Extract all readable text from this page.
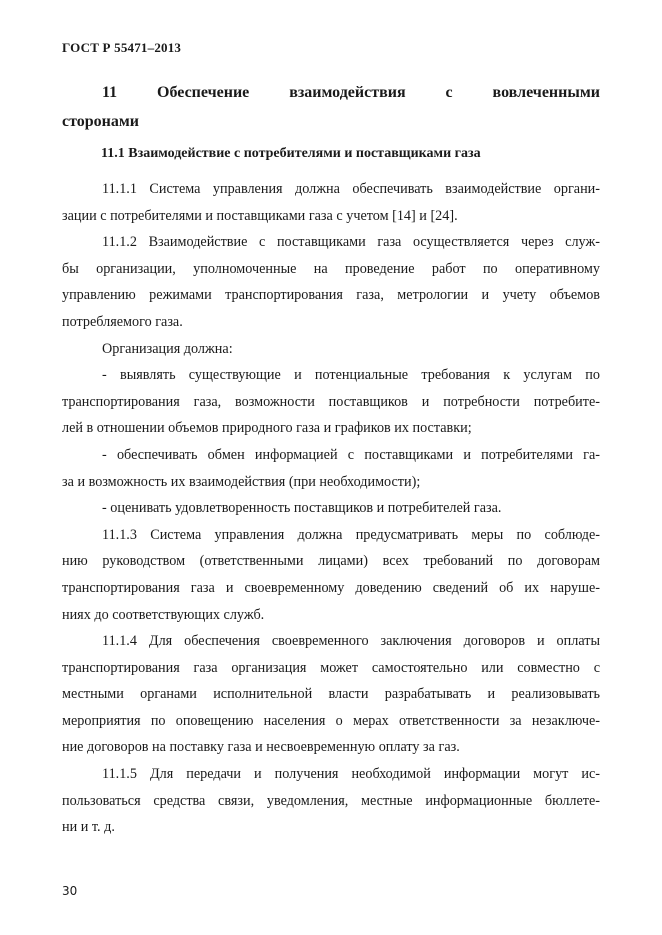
ГОСТ Р 55471–2013
11 Обеспечение взаимодействия с вовлеченными
сторонами
11.1 Взаимодействие с потребителями и поставщиками газа

11.1.1 Система управления должна обеспечивать взаимодействие органи-
зации с потребителями и поставщиками газа с учетом [14] и [24].

11.1.2 Взаимодействие с поставщиками газа осуществляется через служ-
бы организации, уполномоченные на проведение работ по оперативному
управлению режимами транспортирования газа, метрологии и учету объемов
потребляемого газа.

Организация должна:

- выявлять существующие и потенциальные требования к услугам по
транспортирования газа, возможности поставщиков и потребности потребите-
лей в отношении объемов природного газа и графиков их поставки;

- обеспечивать обмен информацией с поставщиками и потребителями га-
за и возможность их взаимодействия (при необходимости);

- оценивать удовлетворенность поставщиков и потребителей газа.

11.1.3 Система управления должна предусматривать меры по соблюде-
нию руководством (ответственными лицами) всех требований по договорам
транспортирования газа и своевременному доведению сведений об их наруше-
ниях до соответствующих служб.

11.1.4 Для обеспечения своевременного заключения договоров и оплаты
транспортирования газа организация может самостоятельно или совместно с
местными органами исполнительной власти разрабатывать и реализовывать
мероприятия по оповещению населения о мерах ответственности за незаключе-
ние договоров на поставку газа и несвоевременную оплату за газ.

11.1.5 Для передачи и получения необходимой информации могут ис-
пользоваться средства связи, уведомления, местные информационные бюллете-
ни и т. д.

30
